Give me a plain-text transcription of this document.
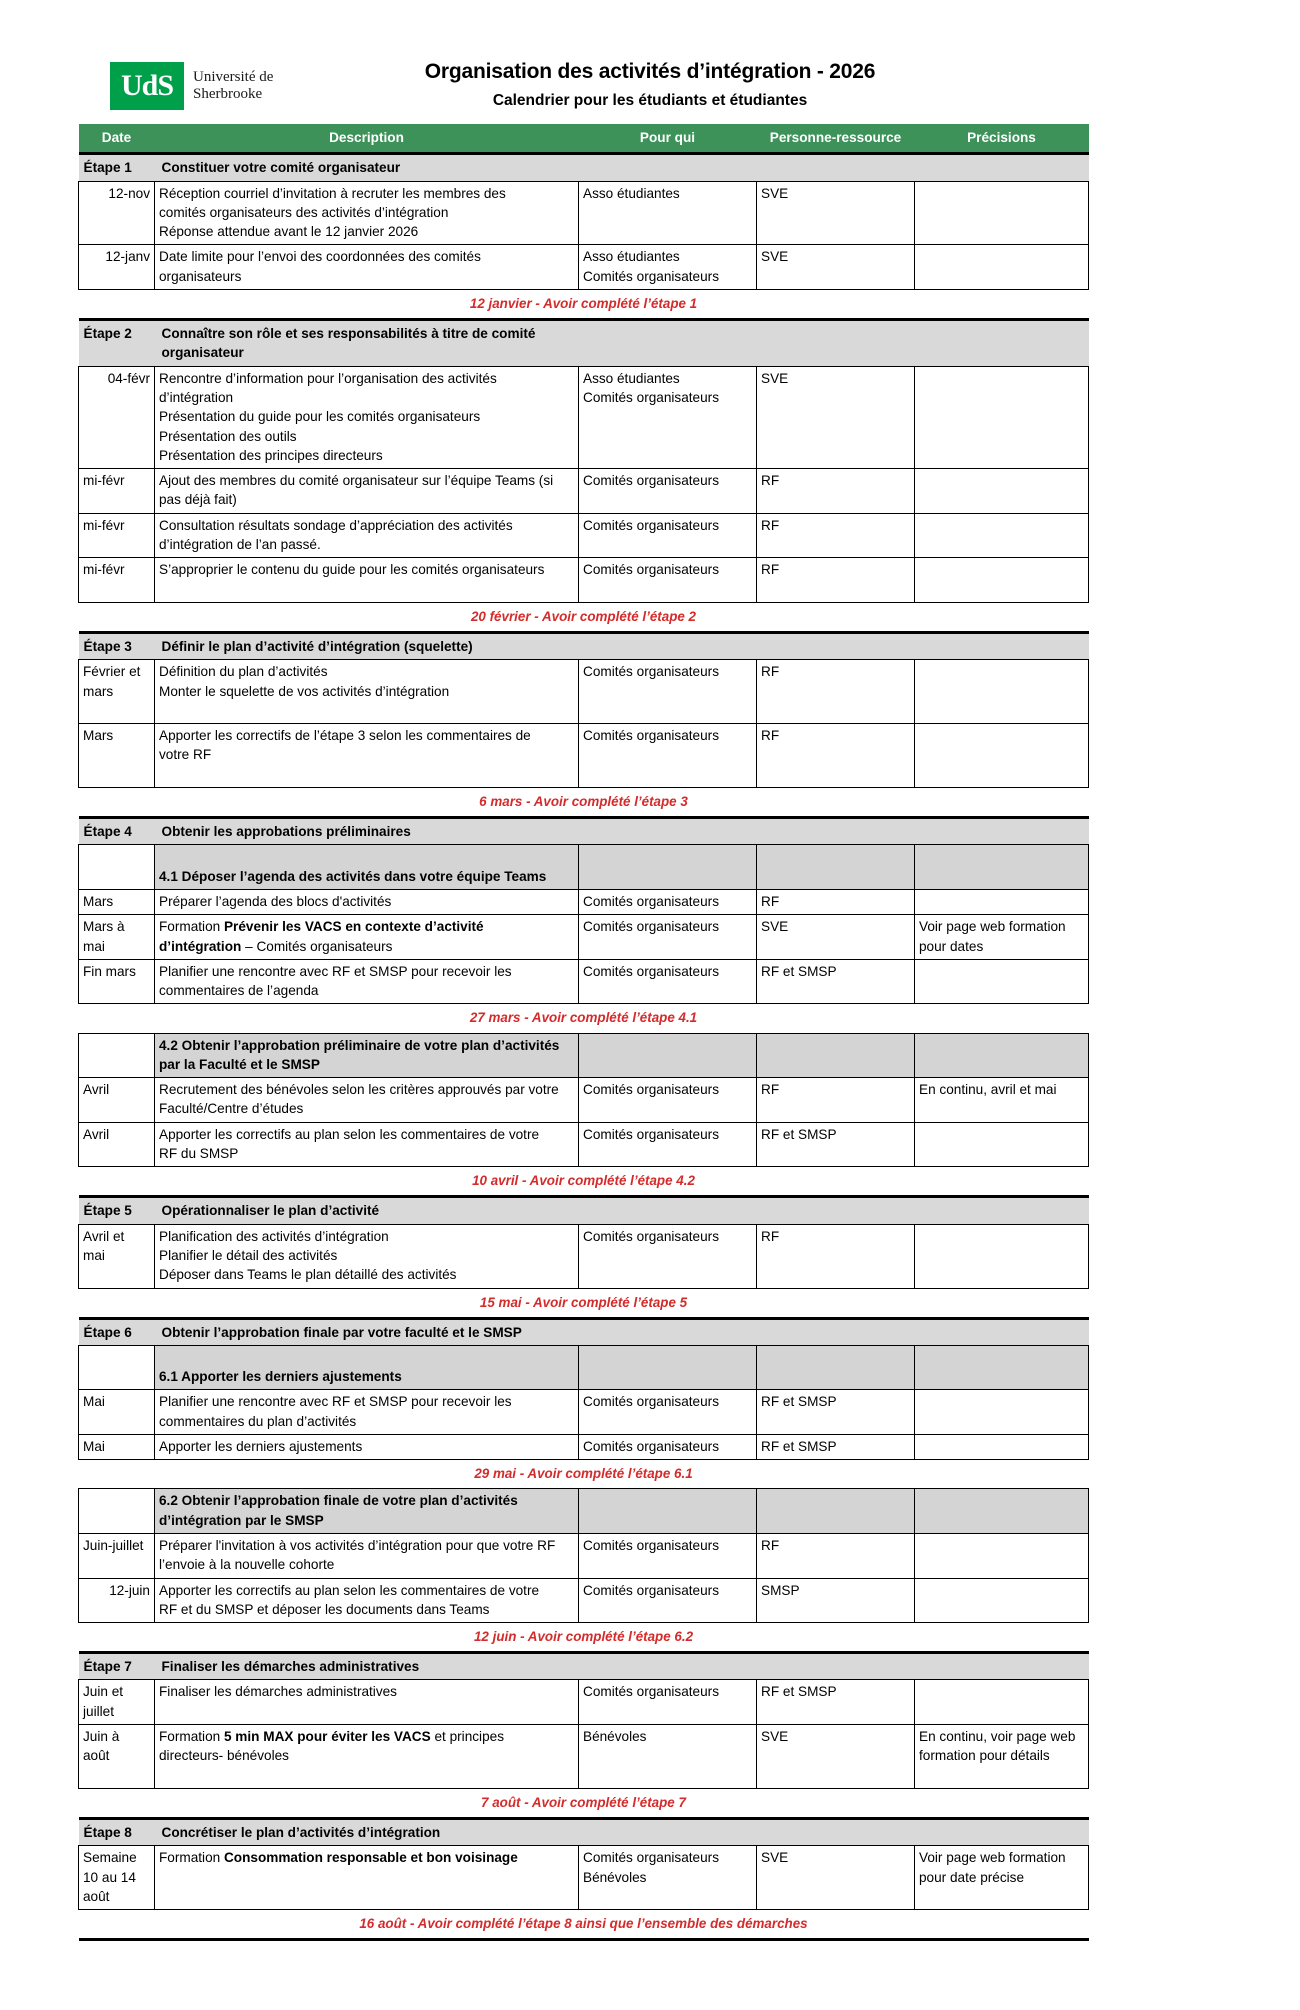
UdS Université de
Sherbrooke
Organisation des activités d’intégration - 2026
Calendrier pour les étudiants et étudiantes
Date	Description	Pour qui	Personne-ressource	Précisions
Étape 1	Constituer votre comité organisateur			

12-nov	Réception courriel d’invitation à recruter les membres des
comités organisateurs des activités d’intégration
Réponse attendue avant le 12 janvier 2026	Asso étudiantes	SVE	

12-janv	Date limite pour l’envoi des coordonnées des comités
organisateurs	Asso étudiantes
Comités organisateurs	SVE	

12 janvier - Avoir complété l’étape 1				
Étape 2	Connaître son rôle et ses responsabilités à titre de comité
organisateur			

04-févr	Rencontre d’information pour l’organisation des activités
d’intégration
Présentation du guide pour les comités organisateurs
Présentation des outils
Présentation des principes directeurs	Asso étudiantes
Comités organisateurs	SVE	

mi-févr	Ajout des membres du comité organisateur sur l’équipe Teams (si
pas déjà fait)	Comités organisateurs	RF	

mi-févr	Consultation résultats sondage d’appréciation des activités
d’intégration de l’an passé.	Comités organisateurs	RF	

mi-févr	S’approprier le contenu du guide pour les comités organisateurs	Comités organisateurs	RF	

20 février - Avoir complété l’étape 2				
Étape 3	Définir le plan d’activité d’intégration (squelette)			

Février et
mars	Définition du plan d’activités
Monter le squelette de vos activités d’intégration	Comités organisateurs	RF	

Mars	Apporter les correctifs de l’étape 3 selon les commentaires de
votre RF	Comités organisateurs	RF	

6 mars - Avoir complété l’étape 3				
Étape 4	Obtenir les approbations préliminaires			

	4.1 Déposer l’agenda des activités dans votre équipe Teams			

Mars	Préparer l’agenda des blocs d'activités	Comités organisateurs	RF	

Mars à
mai	Formation Prévenir les VACS en contexte d’activité
d’intégration – Comités organisateurs	Comités organisateurs	SVE	Voir page web formation
pour dates

Fin mars	Planifier une rencontre avec RF et SMSP pour recevoir les
commentaires de l’agenda	Comités organisateurs	RF et SMSP	

27 mars - Avoir complété l’étape 4.1				

	4.2 Obtenir l’approbation préliminaire de votre plan d’activités
par la Faculté et le SMSP			

Avril	Recrutement des bénévoles selon les critères approuvés par votre
Faculté/Centre d’études	Comités organisateurs	RF	En continu, avril et mai

Avril	Apporter les correctifs au plan selon les commentaires de votre
RF du SMSP	Comités organisateurs	RF et SMSP	

10 avril - Avoir complété l’étape 4.2				
Étape 5	Opérationnaliser le plan d’activité			

Avril et
mai	Planification des activités d’intégration
Planifier le détail des activités
Déposer dans Teams le plan détaillé des activités	Comités organisateurs	RF	

15 mai - Avoir complété l’étape 5				
Étape 6	Obtenir l’approbation finale par votre faculté et le SMSP			

	6.1 Apporter les derniers ajustements			

Mai	Planifier une rencontre avec RF et SMSP pour recevoir les
commentaires du plan d’activités	Comités organisateurs	RF et SMSP	

Mai	Apporter les derniers ajustements	Comités organisateurs	RF et SMSP	

29 mai - Avoir complété l’étape 6.1				

	6.2 Obtenir l’approbation finale de votre plan d’activités
d’intégration par le SMSP			

Juin-juillet	Préparer l'invitation à vos activités d’intégration pour que votre RF
l’envoie à la nouvelle cohorte	Comités organisateurs	RF	

12-juin	Apporter les correctifs au plan selon les commentaires de votre
RF et du SMSP et déposer les documents dans Teams	Comités organisateurs	SMSP	

12 juin - Avoir complété l’étape 6.2				
Étape 7	Finaliser les démarches administratives			

Juin et
juillet	Finaliser les démarches administratives	Comités organisateurs	RF et SMSP	

Juin à
août	Formation 5 min MAX pour éviter les VACS et principes
directeurs- bénévoles	Bénévoles	SVE	En continu, voir page web
formation pour détails

7 août - Avoir complété l’étape 7				
Étape 8	Concrétiser le plan d’activités d’intégration			

Semaine
10 au 14
août	Formation Consommation responsable et bon voisinage	Comités organisateurs
Bénévoles	SVE	Voir page web formation
pour date précise

16 août - Avoir complété l’étape 8 ainsi que l’ensemble des démarches				
